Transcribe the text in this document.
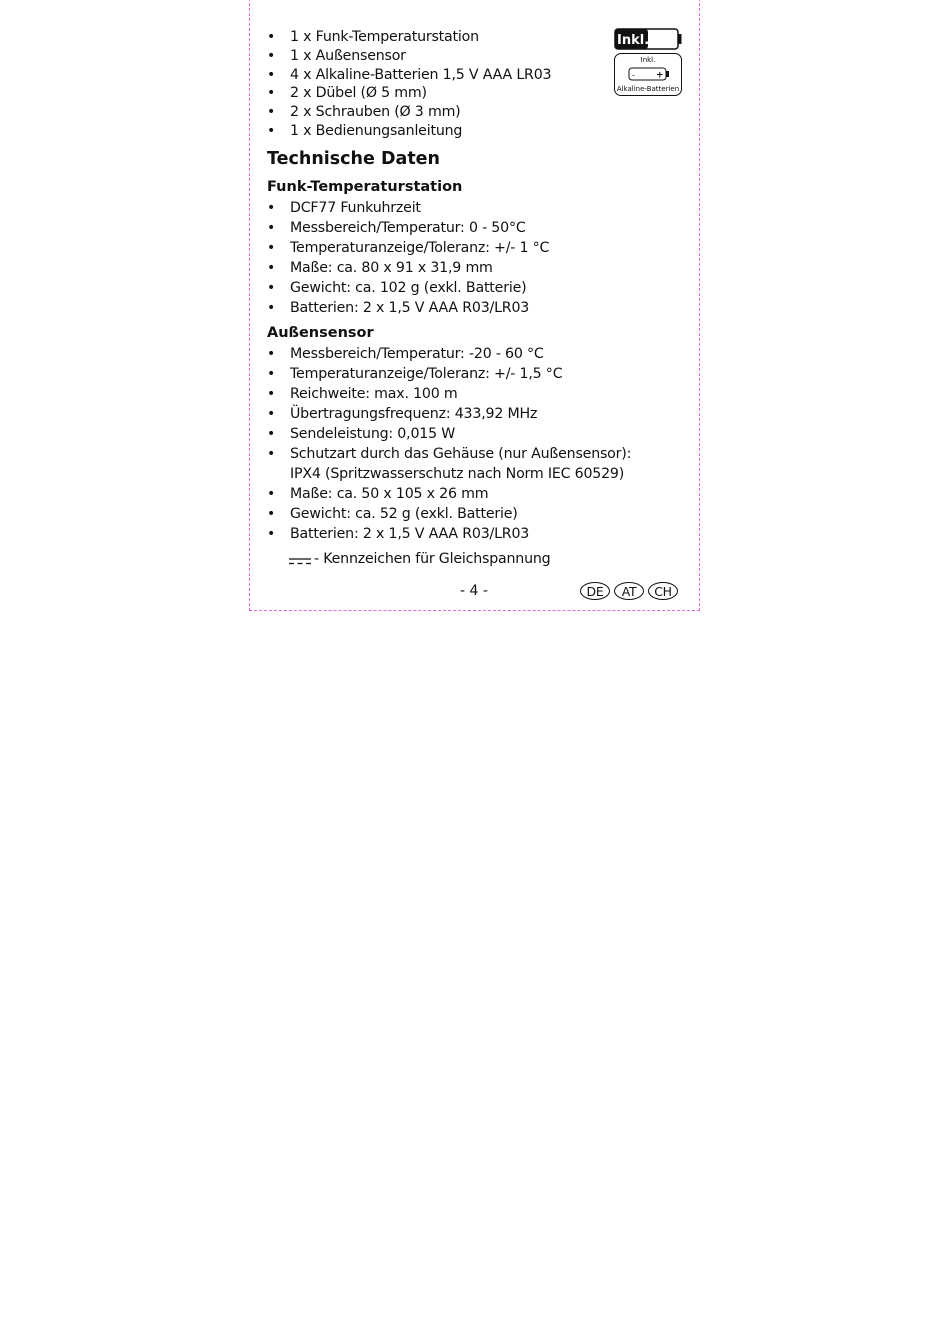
• 1 x Funk-Temperaturstation
• 1 x Außensensor
• 4 x Alkaline-Batterien 1,5 V AAA LR03
• 2 x Dübel (Ø 5 mm)
• 2 x Schrauben (Ø 3 mm)
• 1 x Bedienungsanleitung
Inkl.
Inkl.
- +
Alkaline-Batterien
Technische Daten
Funk-Temperaturstation
• DCF77 Funkuhrzeit
• Messbereich/Temperatur: 0 - 50°C
• Temperaturanzeige/Toleranz: +/- 1 °C
• Maße: ca. 80 x 91 x 31,9 mm
• Gewicht: ca. 102 g (exkl. Batterie)
• Batterien: 2 x 1,5 V AAA R03/LR03
Außensensor
• Messbereich/Temperatur: -20 - 60 °C
• Temperaturanzeige/Toleranz: +/- 1,5 °C
• Reichweite: max. 100 m
• Übertragungsfrequenz: 433,92 MHz
• Sendeleistung: 0,015 W
• Schutzart durch das Gehäuse (nur Außensensor):
IPX4 (Spritzwasserschutz nach Norm IEC 60529)
• Maße: ca. 50 x 105 x 26 mm
• Gewicht: ca. 52 g (exkl. Batterie)
• Batterien: 2 x 1,5 V AAA R03/LR03
- Kennzeichen für Gleichspannung
- 4 -	DE	AT	CH
